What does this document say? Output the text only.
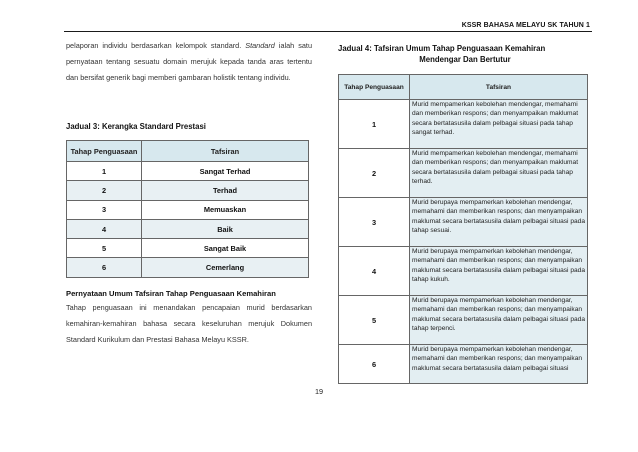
KSSR BAHASA MELAYU SK TAHUN 1

pelaporan individu berdasarkan kelompok standard. Standard ialah satu pernyataan tentang sesuatu domain merujuk kepada tanda aras tertentu dan bersifat generik bagi memberi gambaran holistik tentang individu.

Jadual 3: Kerangka Standard Prestasi

Tahap Penguasaan	Tafsiran
1	Sangat Terhad
2	Terhad
3	Memuaskan
4	Baik
5	Sangat Baik
6	Cemerlang

Pernyataan Umum Tafsiran Tahap Penguasaan Kemahiran

Tahap penguasaan ini menandakan pencapaian murid berdasarkan kemahiran-kemahiran bahasa secara keseluruhan merujuk Dokumen Standard Kurikulum dan Prestasi Bahasa Melayu KSSR.

Jadual 4: Tafsiran Umum Tahap Penguasaan Kemahiran

Mendengar Dan Bertutur

Tahap Penguasaan	Tafsiran
1	Murid mempamerkan kebolehan mendengar, memahami dan memberikan respons; dan menyampaikan maklumat secara bertatasusila dalam pelbagai situasi pada tahap sangat terhad.

2	Murid mempamerkan kebolehan mendengar, memahami dan memberikan respons; dan menyampaikan maklumat secara bertatasusila dalam pelbagai situasi pada tahap terhad.

3	Murid berupaya mempamerkan kebolehan mendengar, memahami dan memberikan respons; dan menyampaikan maklumat secara bertatasusila dalam pelbagai situasi pada tahap sesuai.

4	Murid berupaya mempamerkan kebolehan mendengar, memahami dan memberikan respons; dan menyampaikan maklumat secara bertatasusila dalam pelbagai situasi pada tahap kukuh.

5	Murid berupaya mempamerkan kebolehan mendengar, memahami dan memberikan respons; dan menyampaikan maklumat secara bertatasusila dalam pelbagai situasi pada tahap terpenci.

6	Murid berupaya mempamerkan kebolehan mendengar, memahami dan memberikan respons; dan menyampaikan maklumat secara bertatasusila dalam pelbagai situasi
19
